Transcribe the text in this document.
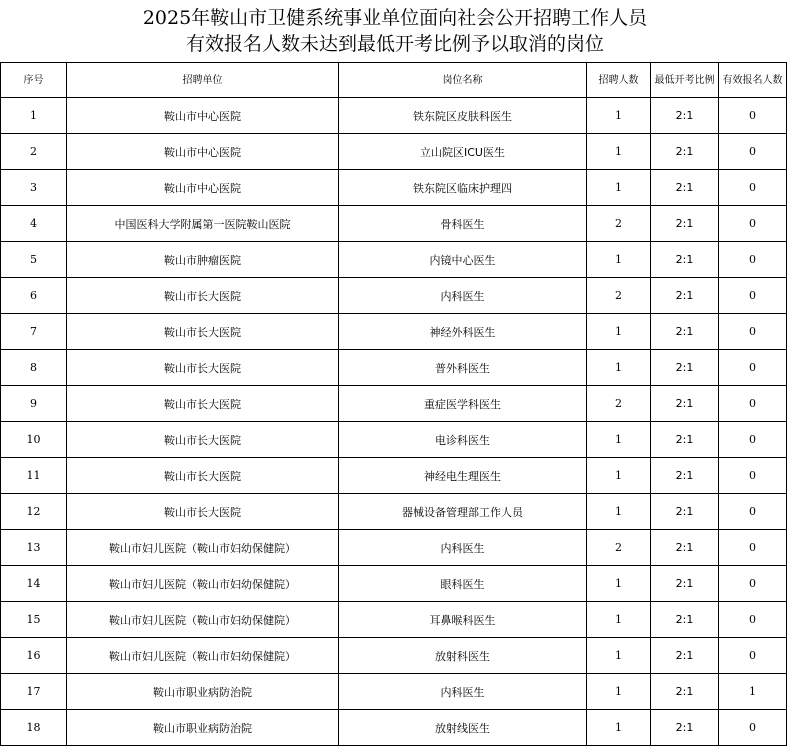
2025年鞍山市卫健系统事业单位面向社会公开招聘工作人员
有效报名人数未达到最低开考比例予以取消的岗位
序号	招聘单位	岗位名称	招聘人数	最低开考比例	有效报名人数
1	鞍山市中心医院	铁东院区皮肤科医生	1	2:1	0
2	鞍山市中心医院	立山院区ICU医生	1	2:1	0
3	鞍山市中心医院	铁东院区临床护理四	1	2:1	0
4	中国医科大学附属第一医院鞍山医院	骨科医生	2	2:1	0
5	鞍山市肿瘤医院	内镜中心医生	1	2:1	0
6	鞍山市长大医院	内科医生	2	2:1	0
7	鞍山市长大医院	神经外科医生	1	2:1	0
8	鞍山市长大医院	普外科医生	1	2:1	0
9	鞍山市长大医院	重症医学科医生	2	2:1	0
10	鞍山市长大医院	电诊科医生	1	2:1	0
11	鞍山市长大医院	神经电生理医生	1	2:1	0
12	鞍山市长大医院	器械设备管理部工作人员	1	2:1	0
13	鞍山市妇儿医院（鞍山市妇幼保健院）	内科医生	2	2:1	0
14	鞍山市妇儿医院（鞍山市妇幼保健院）	眼科医生	1	2:1	0
15	鞍山市妇儿医院（鞍山市妇幼保健院）	耳鼻喉科医生	1	2:1	0
16	鞍山市妇儿医院（鞍山市妇幼保健院）	放射科医生	1	2:1	0
17	鞍山市职业病防治院	内科医生	1	2:1	1
18	鞍山市职业病防治院	放射线医生	1	2:1	0
